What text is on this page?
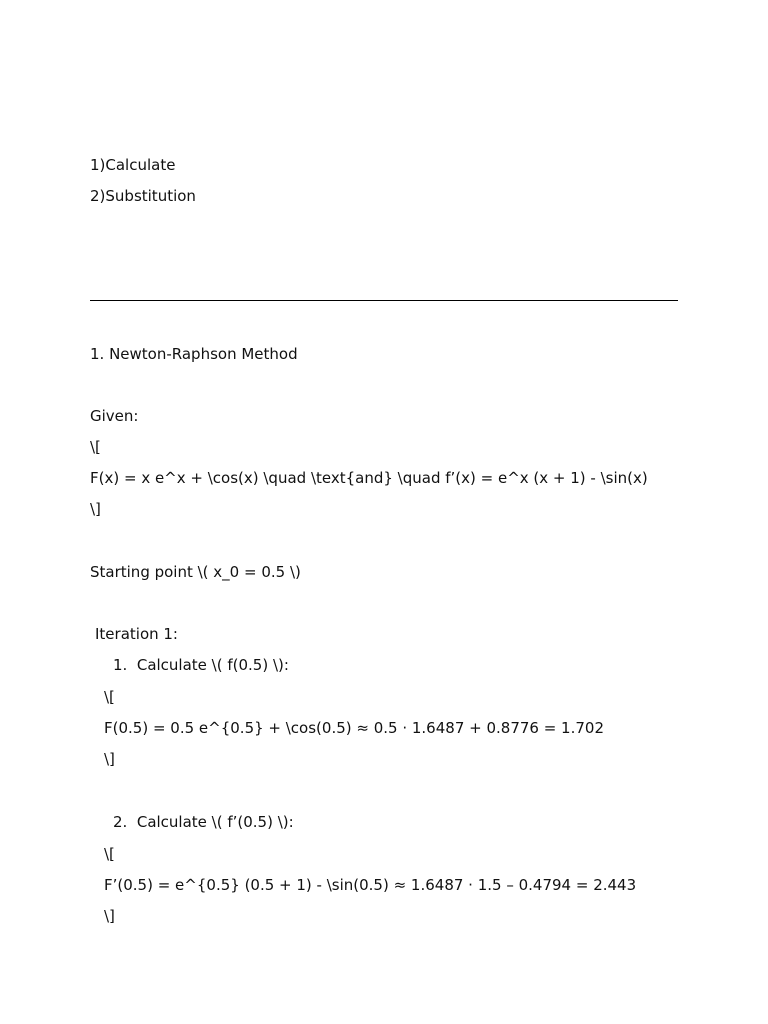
1)Calculate
2)Substitution
1. Newton-Raphson Method
Given:
\[
F(x) = x e^x + \cos(x) \quad \text{and} \quad f’(x) = e^x (x + 1) - \sin(x)
\]
Starting point \( x_0 = 0.5 \)
Iteration 1:
1.  Calculate \( f(0.5) \):
\[
F(0.5) = 0.5 e^{0.5} + \cos(0.5) ≈ 0.5 · 1.6487 + 0.8776 = 1.702
\]
2.  Calculate \( f’(0.5) \):
\[
F’(0.5) = e^{0.5} (0.5 + 1) - \sin(0.5) ≈ 1.6487 · 1.5 – 0.4794 = 2.443
\]
